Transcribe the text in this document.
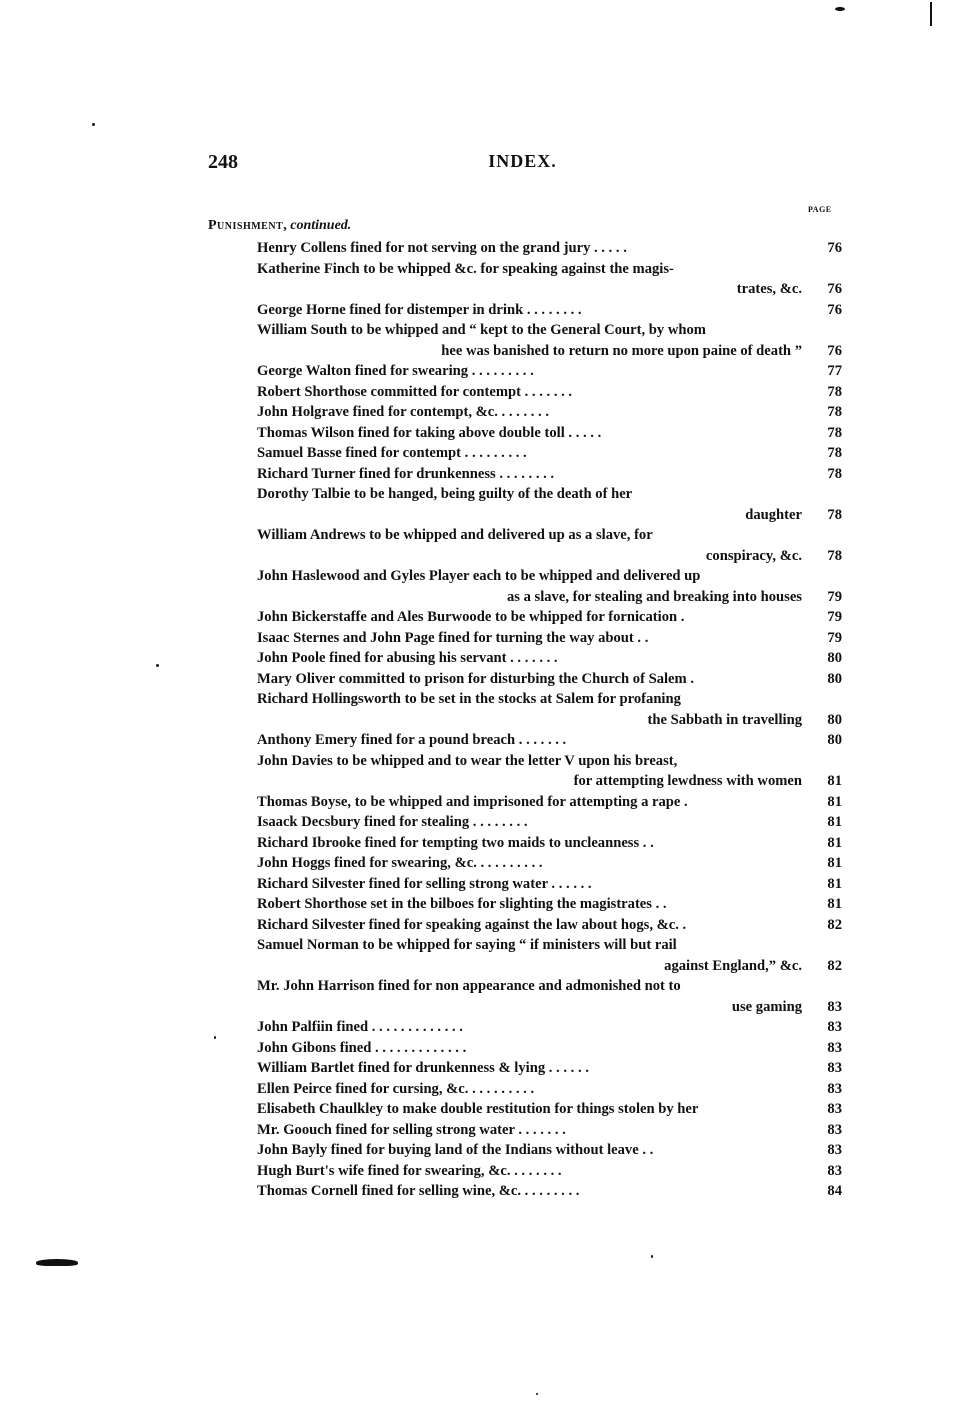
248	INDEX.
PAGE
Punishment, continued.
Henry Collens fined for not serving on the grand jury . . . . .	76
Katherine Finch to be whipped &c. for speaking against the magis-
trates, &c.	76
George Horne fined for distemper in drink . . . . . . . .	76
William South to be whipped and “ kept to the General Court, by whom
hee was banished to return no more upon paine of death ”	76
George Walton fined for swearing . . . . . . . . .	77
Robert Shorthose committed for contempt . . . . . . .	78
John Holgrave fined for contempt, &c. . . . . . . .	78
Thomas Wilson fined for taking above double toll . . . . .	78
Samuel Basse fined for contempt . . . . . . . . .	78
Richard Turner fined for drunkenness . . . . . . . .	78
Dorothy Talbie to be hanged, being guilty of the death of her
daughter	78
William Andrews to be whipped and delivered up as a slave, for
conspiracy, &c.	78
John Haslewood and Gyles Player each to be whipped and delivered up
as a slave, for stealing and breaking into houses	79
John Bickerstaffe and Ales Burwoode to be whipped for fornication .	79
Isaac Sternes and John Page fined for turning the way about . .	79
John Poole fined for abusing his servant . . . . . . .	80
Mary Oliver committed to prison for disturbing the Church of Salem .	80
Richard Hollingsworth to be set in the stocks at Salem for profaning
the Sabbath in travelling	80
Anthony Emery fined for a pound breach . . . . . . .	80
John Davies to be whipped and to wear the letter V upon his breast,
for attempting lewdness with women	81
Thomas Boyse, to be whipped and imprisoned for attempting a rape .	81
Isaack Decsbury fined for stealing . . . . . . . .	81
Richard Ibrooke fined for tempting two maids to uncleanness . .	81
John Hoggs fined for swearing, &c. . . . . . . . . .	81
Richard Silvester fined for selling strong water . . . . . .	81
Robert Shorthose set in the bilboes for slighting the magistrates . .	81
Richard Silvester fined for speaking against the law about hogs, &c. .	82
Samuel Norman to be whipped for saying “ if ministers will but rail
against England,” &c.	82
Mr. John Harrison fined for non appearance and admonished not to
use gaming	83
John Palfiin fined . . . . . . . . . . . . .	83
John Gibons fined . . . . . . . . . . . . .	83
William Bartlet fined for drunkenness & lying . . . . . .	83
Ellen Peirce fined for cursing, &c. . . . . . . . . .	83
Elisabeth Chaulkley to make double restitution for things stolen by her	83
Mr. Goouch fined for selling strong water . . . . . . .	83
John Bayly fined for buying land of the Indians without leave . .	83
Hugh Burt's wife fined for swearing, &c. . . . . . . .	83
Thomas Cornell fined for selling wine, &c. . . . . . . . .	84
